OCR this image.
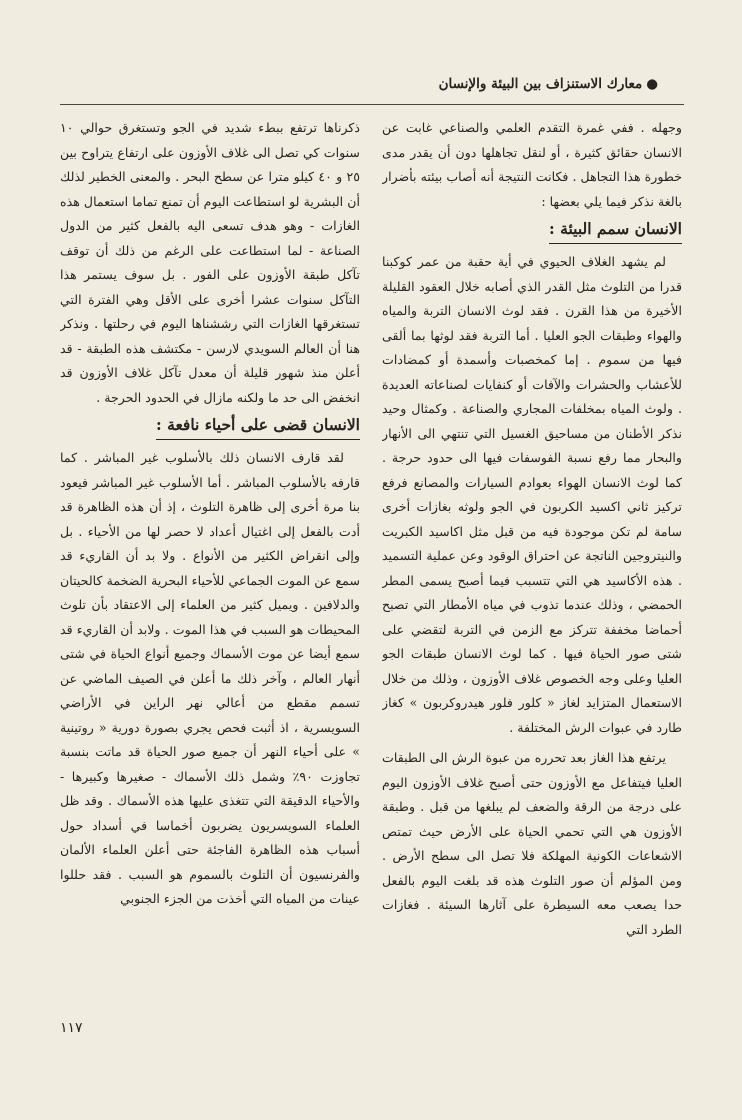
●معارك الاستنزاف بين البيئة والإنسان

وجهله . ففي غمرة التقدم العلمي والصناعي غابت عن الانسان حقائق كثيرة ، أو لنقل تجاهلها دون أن يقدر مدى خطورة هذا التجاهل . فكانت النتيجة أنه أصاب بيئته بأضرار بالغة نذكر فيما يلي بعضها :

الانسان سمم البيئة :

لم يشهد الغلاف الحيوي في أية حقبة من عمر كوكبنا قدرا من التلوث مثل القدر الذي أصابه خلال العقود القليلة الأخيرة من هذا القرن . فقد لوث الانسان التربة والمياه والهواء وطبقات الجو العليا . أما التربة فقد لوثها بما ألقى فيها من سموم . إما كمخصبات وأسمدة أو كمضادات للأعشاب والحشرات والآفات أو كنفايات لصناعاته العديدة . ولوث المياه بمخلفات المجاري والصناعة . وكمثال وحيد نذكر الأطنان من مساحيق الغسيل التي تنتهي الى الأنهار والبحار مما رفع نسبة الفوسفات فيها الى حدود حرجة . كما لوث الانسان الهواء بعوادم السيارات والمصانع فرفع تركيز ثاني اكسيد الكربون في الجو ولوثه بغازات أخرى سامة لم تكن موجودة فيه من قبل مثل اكاسيد الكبريت والنيتروجين الناتجة عن احتراق الوقود وعن عملية التسميد . هذه الأكاسيد هي التي تتسبب فيما أصبح يسمى المطر الحمضي ، وذلك عندما تذوب في مياه الأمطار التي تصبح أحماضا مخففة تتركز مع الزمن في التربة لتقضي على شتى صور الحياة فيها . كما لوث الانسان طبقات الجو العليا وعلى وجه الخصوص غلاف الأوزون ، وذلك من خلال الاستعمال المتزايد لغاز « كلور فلور هيدروكربون » كغاز طارد في عبوات الرش المختلفة .

يرتفع هذا الغاز بعد تحرره من عبوة الرش الى الطبقات العليا فيتفاعل مع الأوزون حتى أصبح غلاف الأوزون اليوم على درجة من الرقة والضعف لم يبلغها من قبل . وطبقة الأوزون هي التي تحمي الحياة على الأرض حيث تمتص الاشعاعات الكونية المهلكة فلا تصل الى سطح الأرض . ومن المؤلم أن صور التلوث هذه قد بلغت اليوم بالفعل حدا يصعب معه السيطرة على آثارها السيئة . فغازات الطرد التي

ذكرناها ترتفع ببطء شديد في الجو وتستغرق حوالي ١٠ سنوات كي تصل الى غلاف الأوزون على ارتفاع يتراوح بين ٢٥ و ٤٠ كيلو مترا عن سطح البحر . والمعنى الخطير لذلك أن البشرية لو استطاعت اليوم أن تمنع تماما استعمال هذه الغازات - وهو هدف تسعى اليه بالفعل كثير من الدول الصناعة - لما استطاعت على الرغم من ذلك أن توقف تآكل طبقة الأوزون على الفور . بل سوف يستمر هذا التآكل سنوات عشرا أخرى على الأقل وهي الفترة التي تستغرقها الغازات التي رششناها اليوم في رحلتها . ونذكر هنا أن العالم السويدي لارسن - مكتشف هذه الطبقة - قد أعلن منذ شهور قليلة أن معدل تآكل غلاف الأوزون قد انخفض الى حد ما ولكنه مازال في الحدود الحرجة .

الانسان قضى على أحياء نافعة :

لقد قارف الانسان ذلك بالأسلوب غير المباشر . كما قارفه بالأسلوب المباشر . أما الأسلوب غير المباشر فيعود بنا مرة أخرى إلى ظاهرة التلوث ، إذ أن هذه الظاهرة قد أدت بالفعل إلى اغتيال أعداد لا حصر لها من الأحياء . بل وإلى انقراض الكثير من الأنواع . ولا بد أن القاريء قد سمع عن الموت الجماعي للأحياء البحرية الضخمة كالحيتان والدلافين . ويميل كثير من العلماء إلى الاعتقاد بأن تلوث المحيطات هو السبب في هذا الموت . ولابد أن القاريء قد سمع أيضا عن موت الأسماك وجميع أنواع الحياة في شتى أنهار العالم ، وآخر ذلك ما أعلن في الصيف الماضي عن تسمم مقطع من أعالي نهر الراين في الأراضي السويسرية ، اذ أثبت فحص يجري بصورة دورية « روتينية » على أحياء النهر أن جميع صور الحياة قد ماتت بنسبة تجاوزت ٩٠٪ وشمل ذلك الأسماك - صغيرها وكبيرها - والأحياء الدقيقة التي تتغذى عليها هذه الأسماك . وقد ظل العلماء السويسريون يضربون أخماسا في أسداد حول أسباب هذه الظاهرة الفاجئة حتى أعلن العلماء الألمان والفرنسيون أن التلوث بالسموم هو السبب . فقد حللوا عينات من المياه التي أخذت من الجزء الجنوبي

١١٧
